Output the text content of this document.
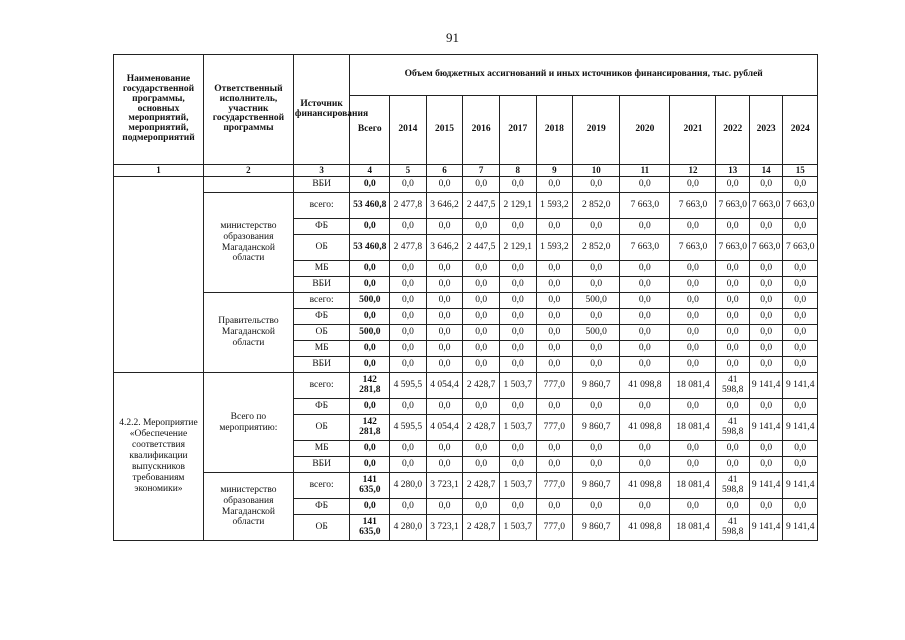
91
Наименование государственной программы, основных мероприятий, мероприятий, подмероприятий	Ответственный исполнитель, участник государственной программы	Источник финансирования	Объем бюджетных ассигнований и иных источников финансирования, тыс. рублей											
			Всего	2014	2015	2016	2017	2018	2019	2020	2021	2022	2023	2024
1	2	3	4	5	6	7	8	9	10	11	12	13	14	15
		ВБИ	0,0	0,0	0,0	0,0	0,0	0,0	0,0	0,0	0,0	0,0	0,0	0,0
	министерство образования Магаданской области	всего:	53 460,8	2 477,8	3 646,2	2 447,5	2 129,1	1 593,2	2 852,0	7 663,0	7 663,0	7 663,0	7 663,0	7 663,0
		ФБ	0,0	0,0	0,0	0,0	0,0	0,0	0,0	0,0	0,0	0,0	0,0	0,0
		ОБ	53 460,8	2 477,8	3 646,2	2 447,5	2 129,1	1 593,2	2 852,0	7 663,0	7 663,0	7 663,0	7 663,0	7 663,0
		МБ	0,0	0,0	0,0	0,0	0,0	0,0	0,0	0,0	0,0	0,0	0,0	0,0
		ВБИ	0,0	0,0	0,0	0,0	0,0	0,0	0,0	0,0	0,0	0,0	0,0	0,0
	Правительство Магаданской области	всего:	500,0	0,0	0,0	0,0	0,0	0,0	500,0	0,0	0,0	0,0	0,0	0,0
		ФБ	0,0	0,0	0,0	0,0	0,0	0,0	0,0	0,0	0,0	0,0	0,0	0,0
		ОБ	500,0	0,0	0,0	0,0	0,0	0,0	500,0	0,0	0,0	0,0	0,0	0,0
		МБ	0,0	0,0	0,0	0,0	0,0	0,0	0,0	0,0	0,0	0,0	0,0	0,0
		ВБИ	0,0	0,0	0,0	0,0	0,0	0,0	0,0	0,0	0,0	0,0	0,0	0,0
4.2.2. Мероприятие «Обеспечение соответствия квалификации выпускников требованиям экономики»	Всего по мероприятию:	всего:	142 281,8	4 595,5	4 054,4	2 428,7	1 503,7	777,0	9 860,7	41 098,8	18 081,4	41 598,8	9 141,4	9 141,4
		ФБ	0,0	0,0	0,0	0,0	0,0	0,0	0,0	0,0	0,0	0,0	0,0	0,0
		ОБ	142 281,8	4 595,5	4 054,4	2 428,7	1 503,7	777,0	9 860,7	41 098,8	18 081,4	41 598,8	9 141,4	9 141,4
		МБ	0,0	0,0	0,0	0,0	0,0	0,0	0,0	0,0	0,0	0,0	0,0	0,0
		ВБИ	0,0	0,0	0,0	0,0	0,0	0,0	0,0	0,0	0,0	0,0	0,0	0,0
	министерство образования Магаданской области	всего:	141 635,0	4 280,0	3 723,1	2 428,7	1 503,7	777,0	9 860,7	41 098,8	18 081,4	41 598,8	9 141,4	9 141,4
		ФБ	0,0	0,0	0,0	0,0	0,0	0,0	0,0	0,0	0,0	0,0	0,0	0,0
		ОБ	141 635,0	4 280,0	3 723,1	2 428,7	1 503,7	777,0	9 860,7	41 098,8	18 081,4	41 598,8	9 141,4	9 141,4
